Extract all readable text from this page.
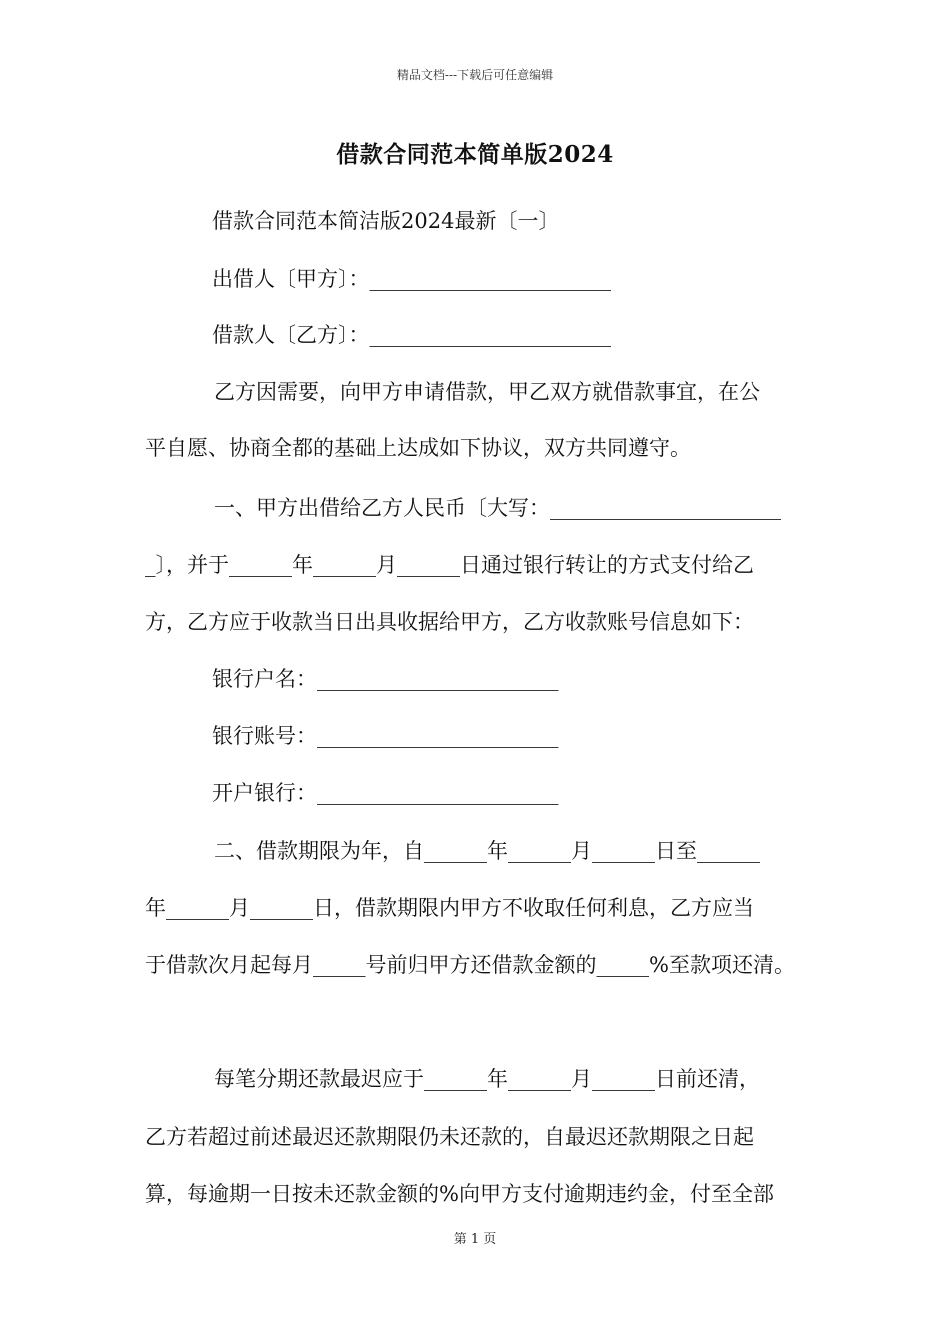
精品文档---下载后可任意编辑
借款合同范本简单版2024
借款合同范本简洁版2024最新〔一〕
出借人〔甲方〕：_______________________
借款人〔乙方〕：_______________________
乙方因需要，向甲方申请借款，甲乙双方就借款事宜，在公
平自愿、协商全都的基础上达成如下协议，双方共同遵守。
一、甲方出借给乙方人民币〔大写：______________________
_〕，并于______年______月______日通过银行转让的方式支付给乙
方，乙方应于收款当日出具收据给甲方，乙方收款账号信息如下：
银行户名：_______________________
银行账号：_______________________
开户银行：_______________________
二、借款期限为年，自______年______月______日至______
年______月______日，借款期限内甲方不收取任何利息，乙方应当
于借款次月起每月_____号前归甲方还借款金额的_____%至款项还清。
每笔分期还款最迟应于______年______月______日前还清，
乙方若超过前述最迟还款期限仍未还款的，自最迟还款期限之日起
算，每逾期一日按未还款金额的%向甲方支付逾期违约金，付至全部
第 1 页
